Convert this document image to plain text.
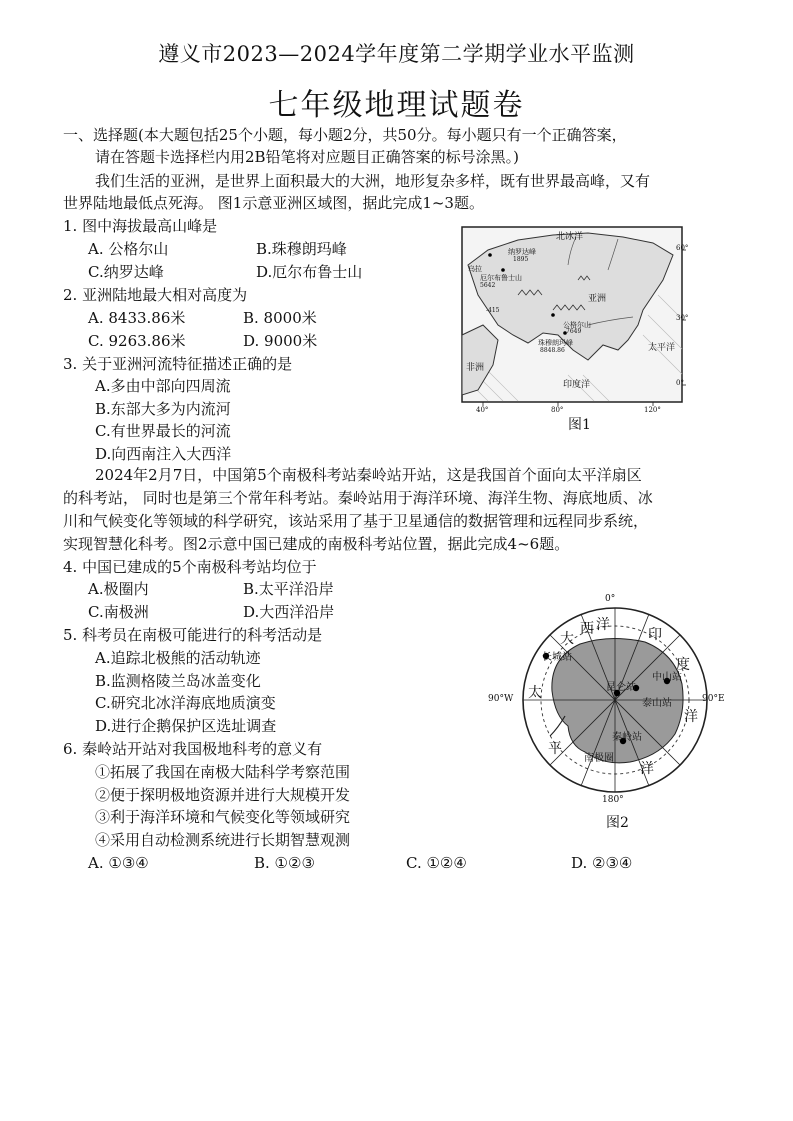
遵义市2023—2024学年度第二学期学业水平监测
七年级地理试题卷
一、选择题(本大题包括25个小题，每小题2分，共50分。每小题只有一个正确答案，
请在答题卡选择栏内用2B铅笔将对应题目正确答案的标号涂黑。)
我们生活的亚洲，是世界上面积最大的大洲，地形复杂多样，既有世界最高峰，又有
世界陆地最低点死海。 图1示意亚洲区域图，据此完成1~3题。
1. 图中海拔最高山峰是
A. 公格尔山	B.珠穆朗玛峰
C.纳罗达峰	D.厄尔布鲁士山
2. 亚洲陆地最大相对高度为
A. 8433.86米	B. 8000米
C. 9263.86米	D. 9000米
3. 关于亚洲河流特征描述正确的是
A.多由中部向四周流
B.东部大多为内流河
C.有世界最长的河流
D.向西南注入大西洋
北冰洋
纳罗达峰
1895
乌拉
厄尔布鲁士山
5642
亚洲
-415
公格尔山
7649
珠穆朗玛峰
8848.86	太平洋
非洲
印度洋
60°
30°
0°
40°	80°	120°
图1
2024年2月7日，中国第5个南极科考站秦岭站开站，这是我国首个面向太平洋扇区
的科考站， 同时也是第三个常年科考站。秦岭站用于海洋环境、海洋生物、海底地质、冰
川和气候变化等领域的科学研究，该站采用了基于卫星通信的数据管理和远程同步系统，
实现智慧化科考。图2示意中国已建成的南极科考站位置，据此完成4~6题。
4. 中国已建成的5个南极科考站均位于
A.极圈内	B.太平洋沿岸
C.南极洲	D.大西洋沿岸
5. 科考员在南极可能进行的科考活动是
A.追踪北极熊的活动轨迹
B.监测格陵兰岛冰盖变化
C.研究北冰洋海底地质演变
D.进行企鹅保护区选址调查
6. 秦岭站开站对我国极地科考的意义有
①拓展了我国在南极大陆科学考察范围
②便于探明极地资源并进行大规模开发
③利于海洋环境和气候变化等领域研究
④采用自动检测系统进行长期智慧观测
A. ①③④	B. ①②③	C. ①②④	D. ②③④
0°
180°
90°W	90°E
大
西 洋
印
度
洋
太
平
洋
长城站
中山站
昆仑站
泰山站
秦岭站
南极圈
图2
